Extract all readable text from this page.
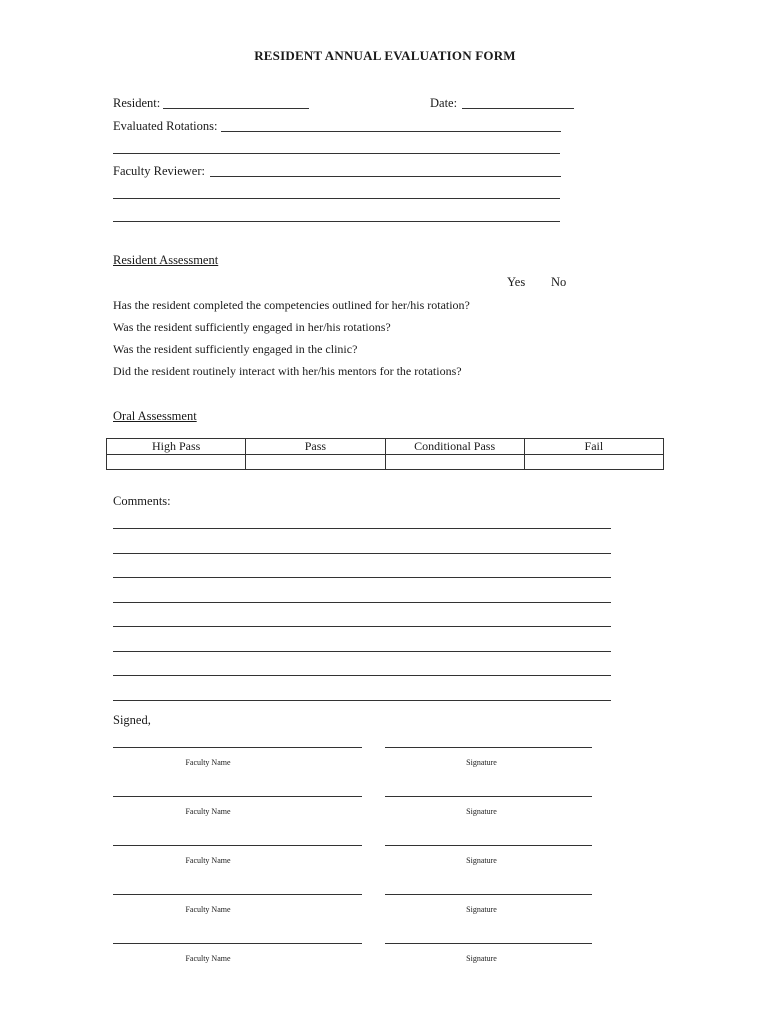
RESIDENT ANNUAL EVALUATION FORM
Resident:	Date:
Evaluated Rotations:
Faculty Reviewer:
Resident Assessment
Yes No
Has the resident completed the competencies outlined for her/his rotation?
Was the resident sufficiently engaged in her/his rotations?
Was the resident sufficiently engaged in the clinic?
Did the resident routinely interact with her/his mentors for the rotations?
Oral Assessment
High Pass	Pass	Conditional Pass	Fail

Comments:
Signed,
Faculty Name	Signature
Faculty Name	Signature
Faculty Name	Signature
Faculty Name	Signature
Faculty Name	Signature
